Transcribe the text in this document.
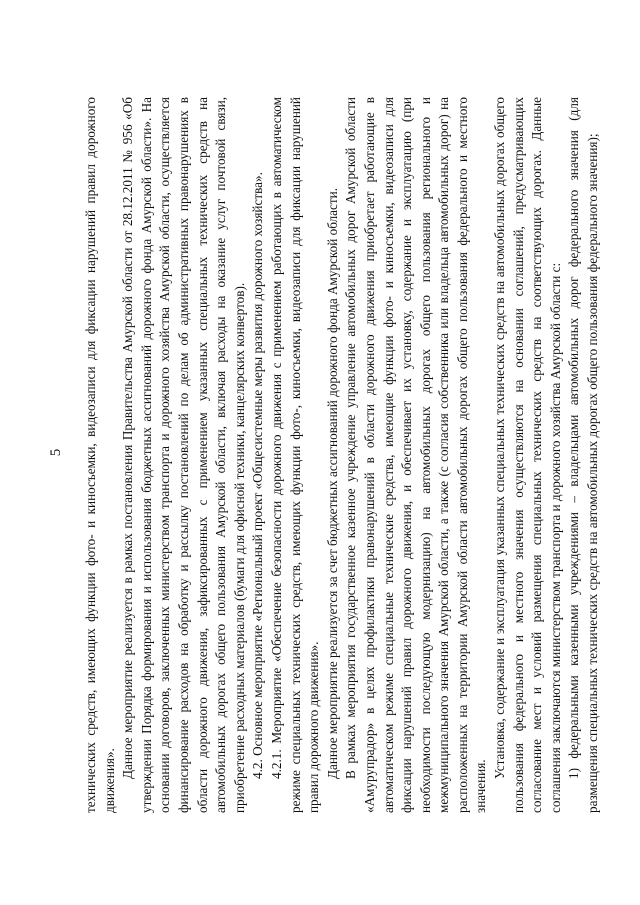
5 технических средств, имеющих функции фото- и киносъемки, видеозаписи для фиксации нарушений правил дорожного движения».

Данное мероприятие реализуется в рамках постановления Правительства Амурской области от 28.12.2011 № 956 «Об утверждении Порядка формирования и использования бюджетных ассигнований дорожного фонда Амурской области». На основании договоров, заключенных министерством транспорта и дорожного хозяйства Амурской области, осуществляется финансирование расходов на обработку и рассылку постановлений по делам об административных правонарушениях в области дорожного движения, зафиксированных с применением указанных специальных технических средств на автомобильных дорогах общего пользования Амурской области, включая расходы на оказание услуг почтовой связи, приобретение расходных материалов (бумаги для офисной техники, канцелярских конвертов). 4.2. Основное мероприятие «Региональный проект «Общесистемные меры развития дорожного хозяйства». 4.2.1. Мероприятие «Обеспечение безопасности дорожного движения с применением работающих в автоматическом режиме специальных технических средств, имеющих функции фото-, киносъемки, видеозаписи для фиксации нарушений правил дорожного движения». Данное мероприятие реализуется за счет бюджетных ассигнований дорожного фонда Амурской области. В рамках мероприятия государственное казенное учреждение управление автомобильных дорог Амурской области «Амурупрадор» в целях профилактики правонарушений в области дорожного движения приобретает работающие в автоматическом режиме специальные технические средства, имеющие функции фото- и киносъемки, видеозаписи для фиксации нарушений правил дорожного движения, и обеспечивает их установку, содержание и эксплуатацию (при необходимости последующую модернизацию) на автомобильных дорогах общего пользования регионального и межмуниципального значения Амурской области, а также (с согласия собственника или владельца автомобильных дорог) на расположенных на территории Амурской области автомобильных дорогах общего пользования федерального и местного значения.

Установка, содержание и эксплуатация указанных специальных технических средств на автомобильных дорогах общего пользования федерального и местного значения осуществляются на основании соглашений, предусматривающих согласование мест и условий размещения специальных технических средств на соответствующих дорогах. Данные соглашения заключаются министерством транспорта и дорожного хозяйства Амурской области с: 1) федеральными казенными учреждениями – владельцами автомобильных дорог федерального значения (для размещения специальных технических средств на автомобильных дорогах общего пользования федерального значения);
